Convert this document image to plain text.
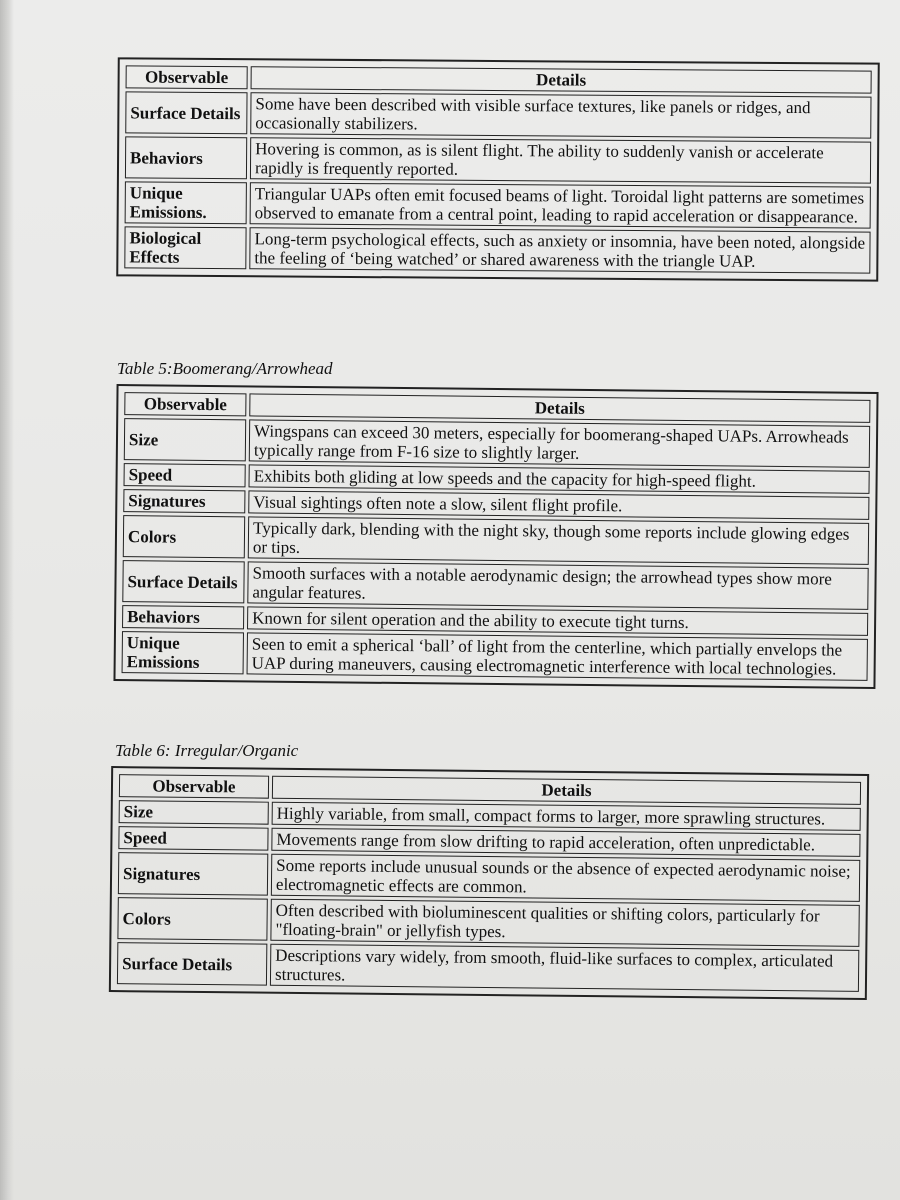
Observable	Details
Surface Details	Some have been described with visible surface textures, like panels or ridges, and occasionally stabilizers.
Behaviors	Hovering is common, as is silent flight. The ability to suddenly vanish or accelerate rapidly is frequently reported.
Unique Emissions.	Triangular UAPs often emit focused beams of light. Toroidal light patterns are sometimes observed to emanate from a central point, leading to rapid acceleration or disappearance.
Biological Effects	Long-term psychological effects, such as anxiety or insomnia, have been noted, alongside the feeling of ‘being watched’ or shared awareness with the triangle UAP.
Table 5:Boomerang/Arrowhead
Observable	Details
Size	Wingspans can exceed 30 meters, especially for boomerang-shaped UAPs. Arrowheads typically range from F-16 size to slightly larger.
Speed	Exhibits both gliding at low speeds and the capacity for high-speed flight.
Signatures	Visual sightings often note a slow, silent flight profile.
Colors	Typically dark, blending with the night sky, though some reports include glowing edges or tips.
Surface Details	Smooth surfaces with a notable aerodynamic design; the arrowhead types show more angular features.
Behaviors	Known for silent operation and the ability to execute tight turns.
Unique Emissions	Seen to emit a spherical ‘ball’ of light from the centerline, which partially envelops the UAP during maneuvers, causing electromagnetic interference with local technologies.
Table 6: Irregular/Organic
Observable	Details
Size	Highly variable, from small, compact forms to larger, more sprawling structures.
Speed	Movements range from slow drifting to rapid acceleration, often unpredictable.
Signatures	Some reports include unusual sounds or the absence of expected aerodynamic noise; electromagnetic effects are common.
Colors	Often described with bioluminescent qualities or shifting colors, particularly for "floating-brain" or jellyfish types.
Surface Details	Descriptions vary widely, from smooth, fluid-like surfaces to complex, articulated structures.
